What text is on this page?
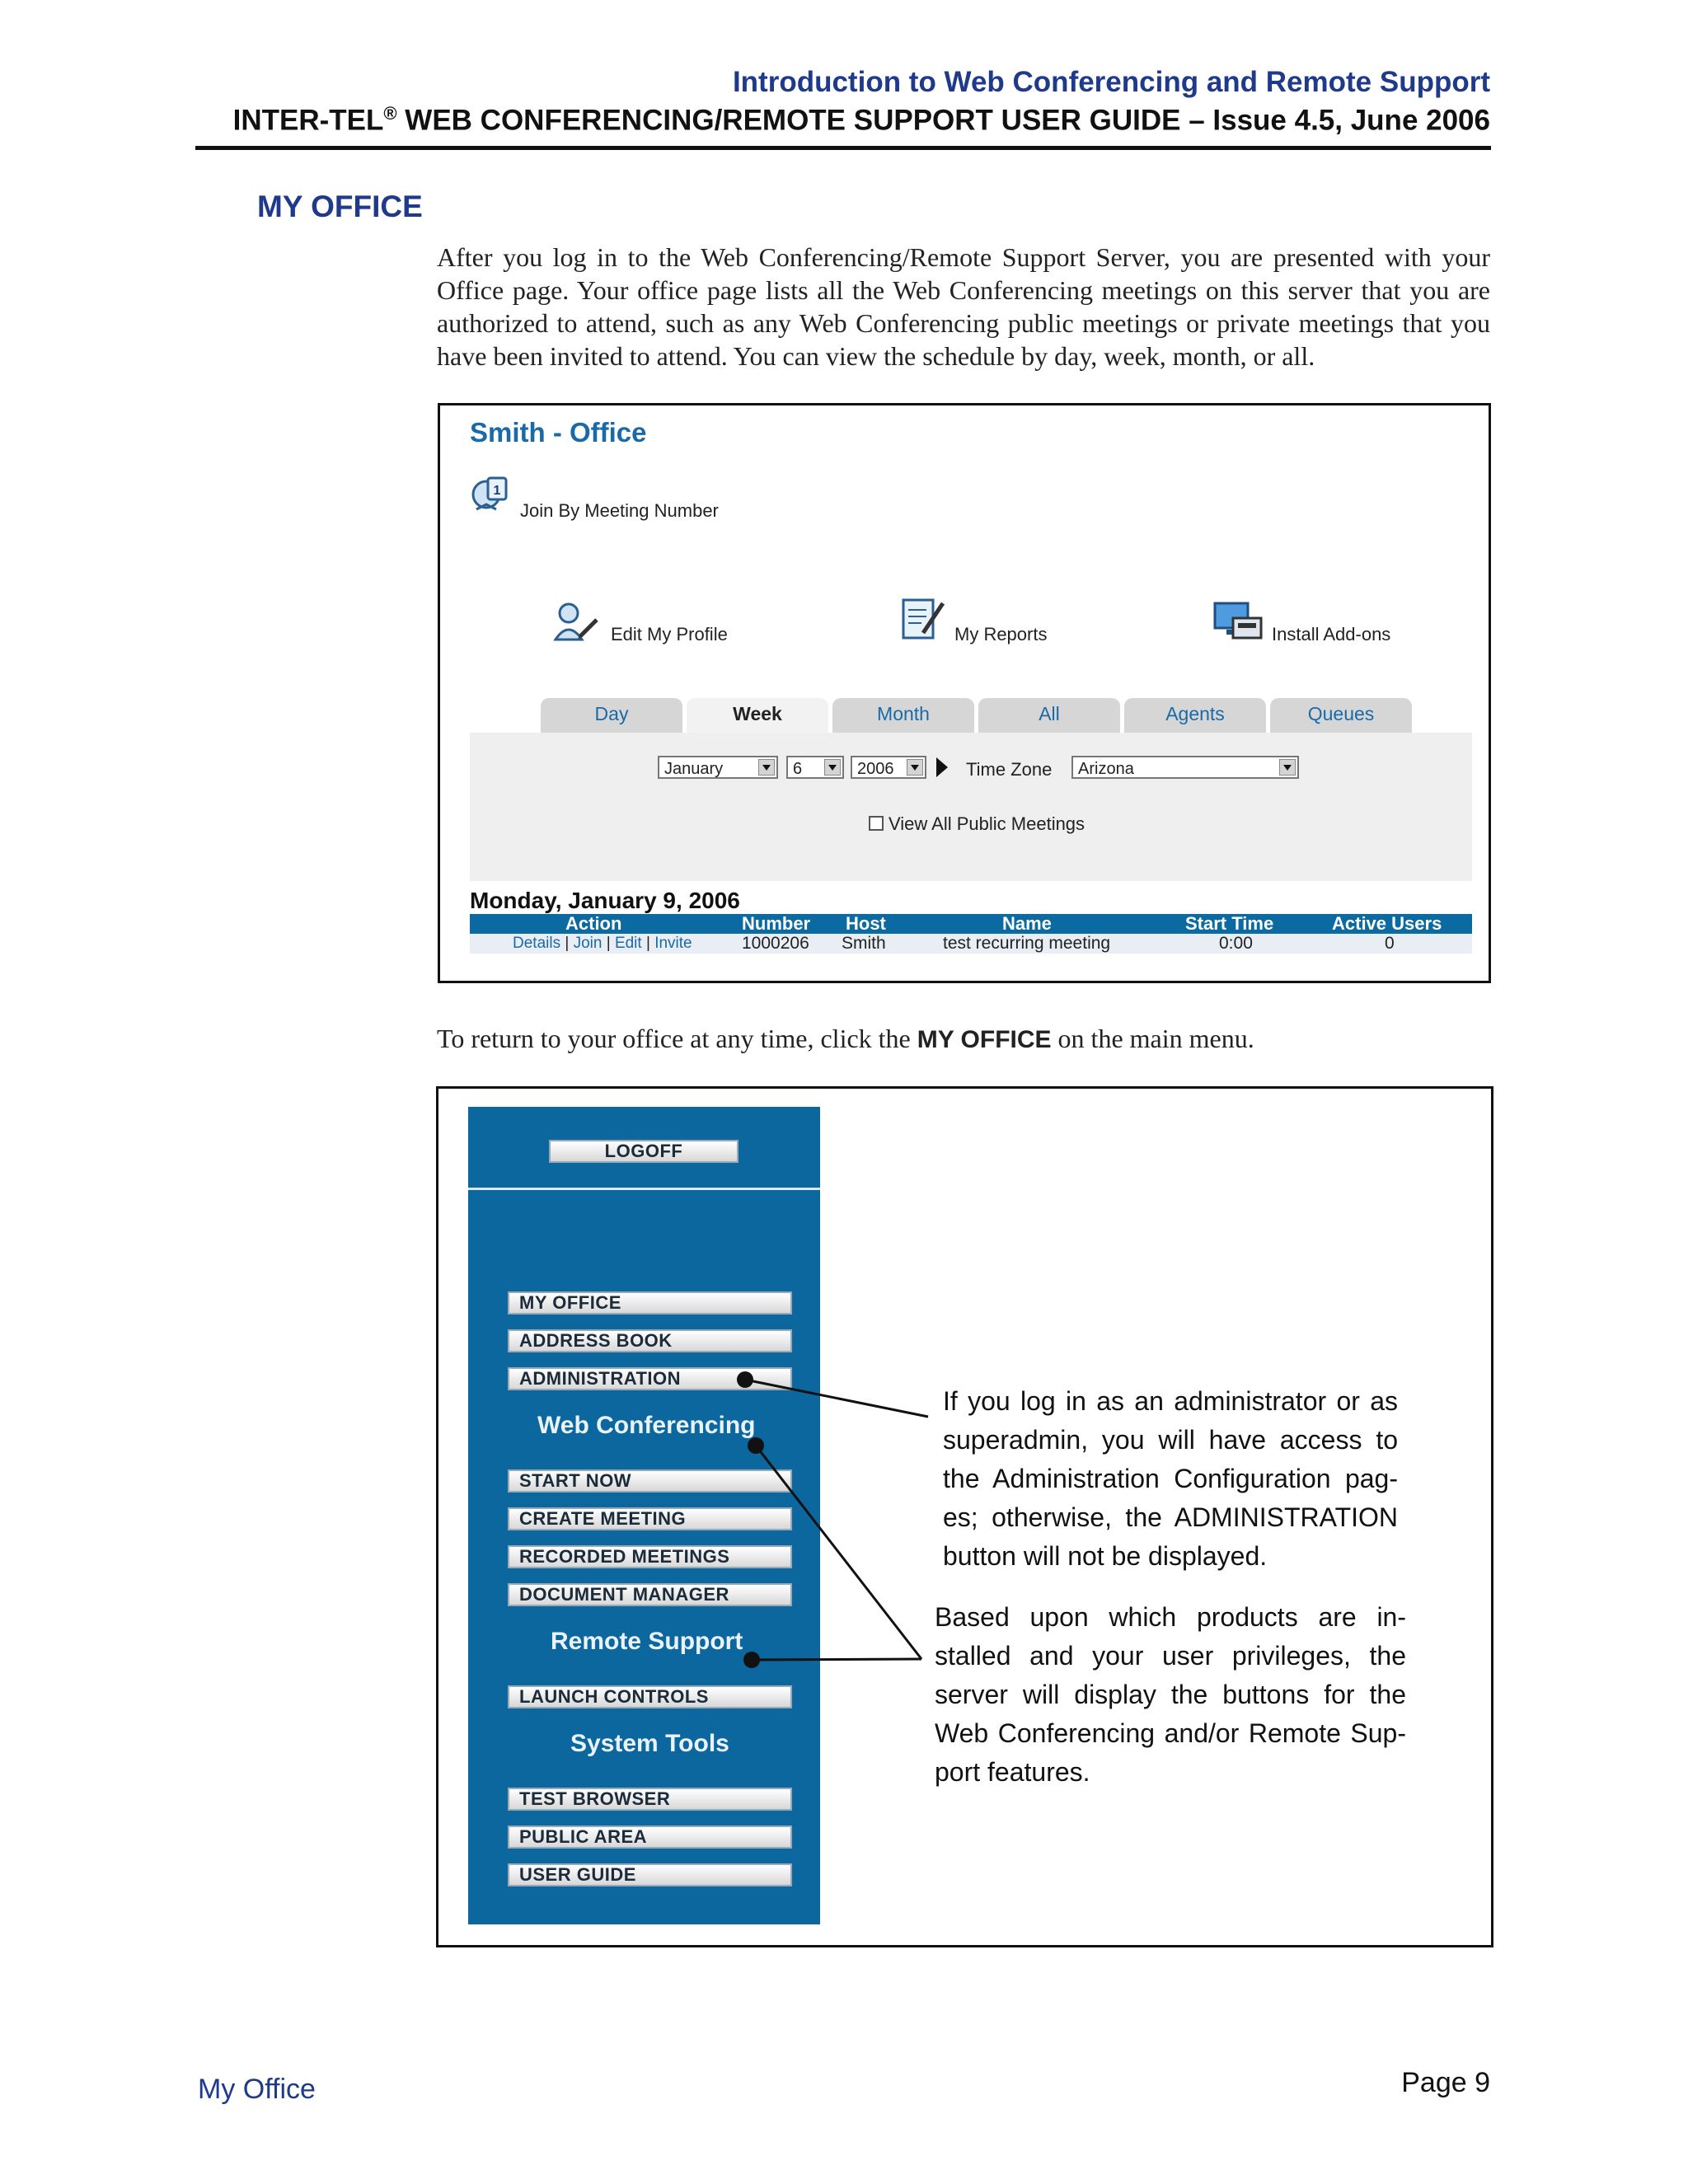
Introduction to Web Conferencing and Remote Support
INTER-TEL® WEB CONFERENCING/REMOTE SUPPORT USER GUIDE – Issue 4.5, June 2006
MY OFFICE
After you log in to the Web Conferencing/Remote Support Server, you are presented with your Office page. Your office page lists all the Web Conferencing meetings on this server that you are authorized to attend, such as any Web Conferencing public meetings or private meetings that you have been invited to attend. You can view the schedule by day, week, month, or all.
Smith - Office
1
Join By Meeting Number
Edit My Profile	My Reports	Install Add-ons
Day	Week	Month	All	Agents	Queues
January	6	2006	Time Zone	Arizona
View All Public Meetings
Monday, January 9, 2006
Action	Number Host	Name	Start Time	Active Users
Details | Join | Edit | Invite	1000206 Smith	test recurring meeting	0:00	0
To return to your office at any time, click the MY OFFICE on the main menu.
LOGOFF
MY OFFICE
ADDRESS BOOK
ADMINISTRATION
Web Conferencing
START NOW
CREATE MEETING
RECORDED MEETINGS
DOCUMENT MANAGER
Remote Support
LAUNCH CONTROLS
System Tools
TEST BROWSER
PUBLIC AREA
USER GUIDE
If you log in as an administrator or as superadmin, you will have access to the Administration Configuration pag-es; otherwise, the ADMINISTRATION button will not be displayed.
Based upon which products are in-stalled and your user privileges, the server will display the buttons for the Web Conferencing and/or Remote Sup-port features.
My Office	Page 9
